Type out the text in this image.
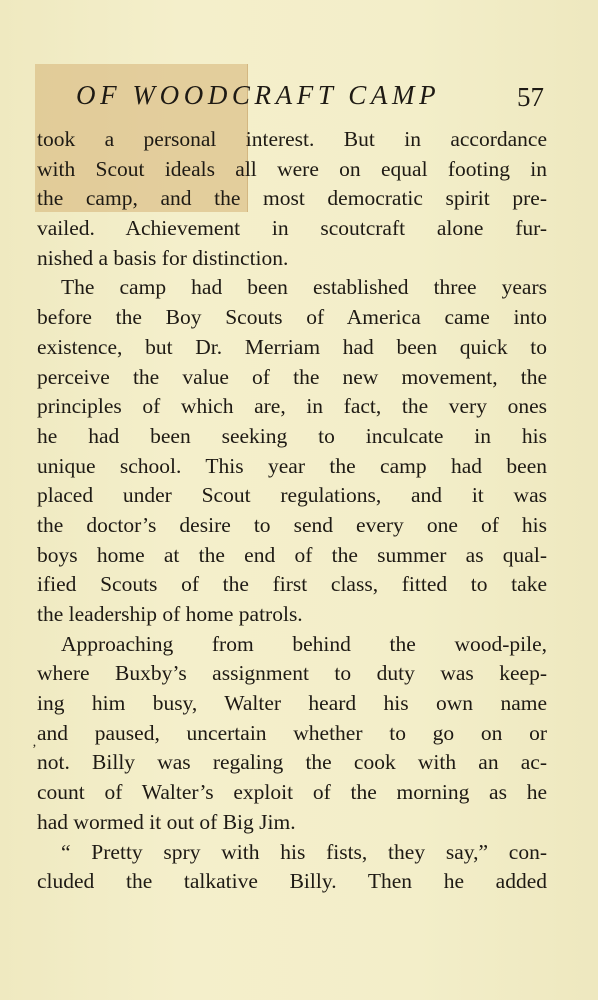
OF WOODCRAFT CAMP	57
took a personal interest. But in accordance
with Scout ideals all were on equal footing in
the camp, and the most democratic spirit pre-
vailed. Achievement in scoutcraft alone fur-
nished a basis for distinction.
The camp had been established three years
before the Boy Scouts of America came into
existence, but Dr. Merriam had been quick to
perceive the value of the new movement, the
principles of which are, in fact, the very ones
he had been seeking to inculcate in his
unique school. This year the camp had been
placed under Scout regulations, and it was
the doctor’s desire to send every one of his
boys home at the end of the summer as qual-
ified Scouts of the first class, fitted to take
the leadership of home patrols.
Approaching from behind the wood-pile,
where Buxby’s assignment to duty was keep-
ing him busy, Walter heard his own name
and paused, uncertain whether to go on or
not. Billy was regaling the cook with an ac-
count of Walter’s exploit of the morning as he
had wormed it out of Big Jim.
“ Pretty spry with his fists, they say,” con-
cluded the talkative Billy. Then he added
‚
